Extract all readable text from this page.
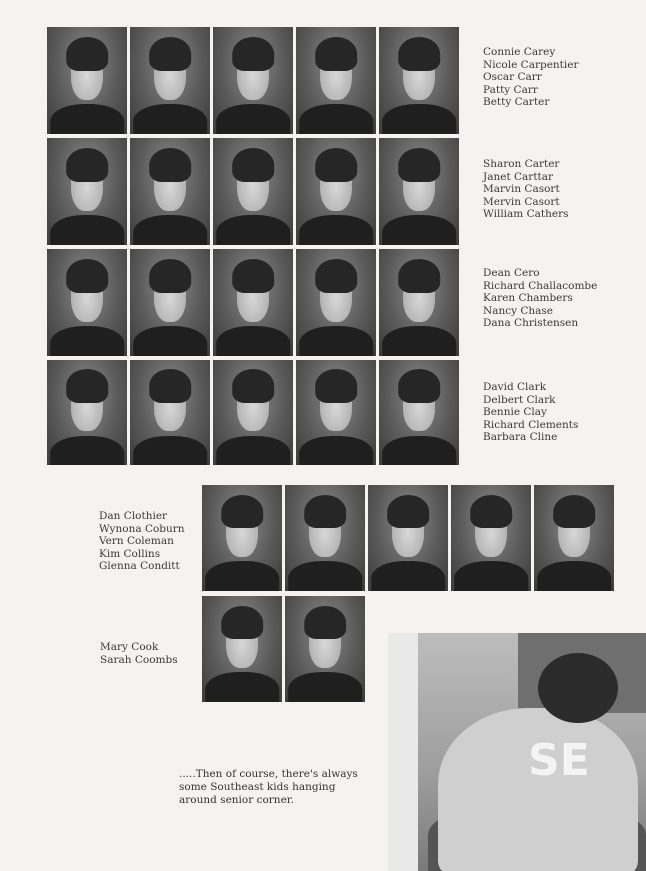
Connie Carey
Nicole Carpentier
Oscar Carr
Patty Carr
Betty Carter
Sharon Carter
Janet Carttar
Marvin Casort
Mervin Casort
William Cathers
Dean Cero
Richard Challacombe
Karen Chambers
Nancy Chase
Dana Christensen
David Clark
Delbert Clark
Bennie Clay
Richard Clements
Barbara Cline
Dan Clothier
Wynona Coburn
Vern Coleman
Kim Collins
Glenna Conditt
Mary Cook
Sarah Coombs
.....Then of course, there's always some Southeast kids hanging around senior corner.
SE
